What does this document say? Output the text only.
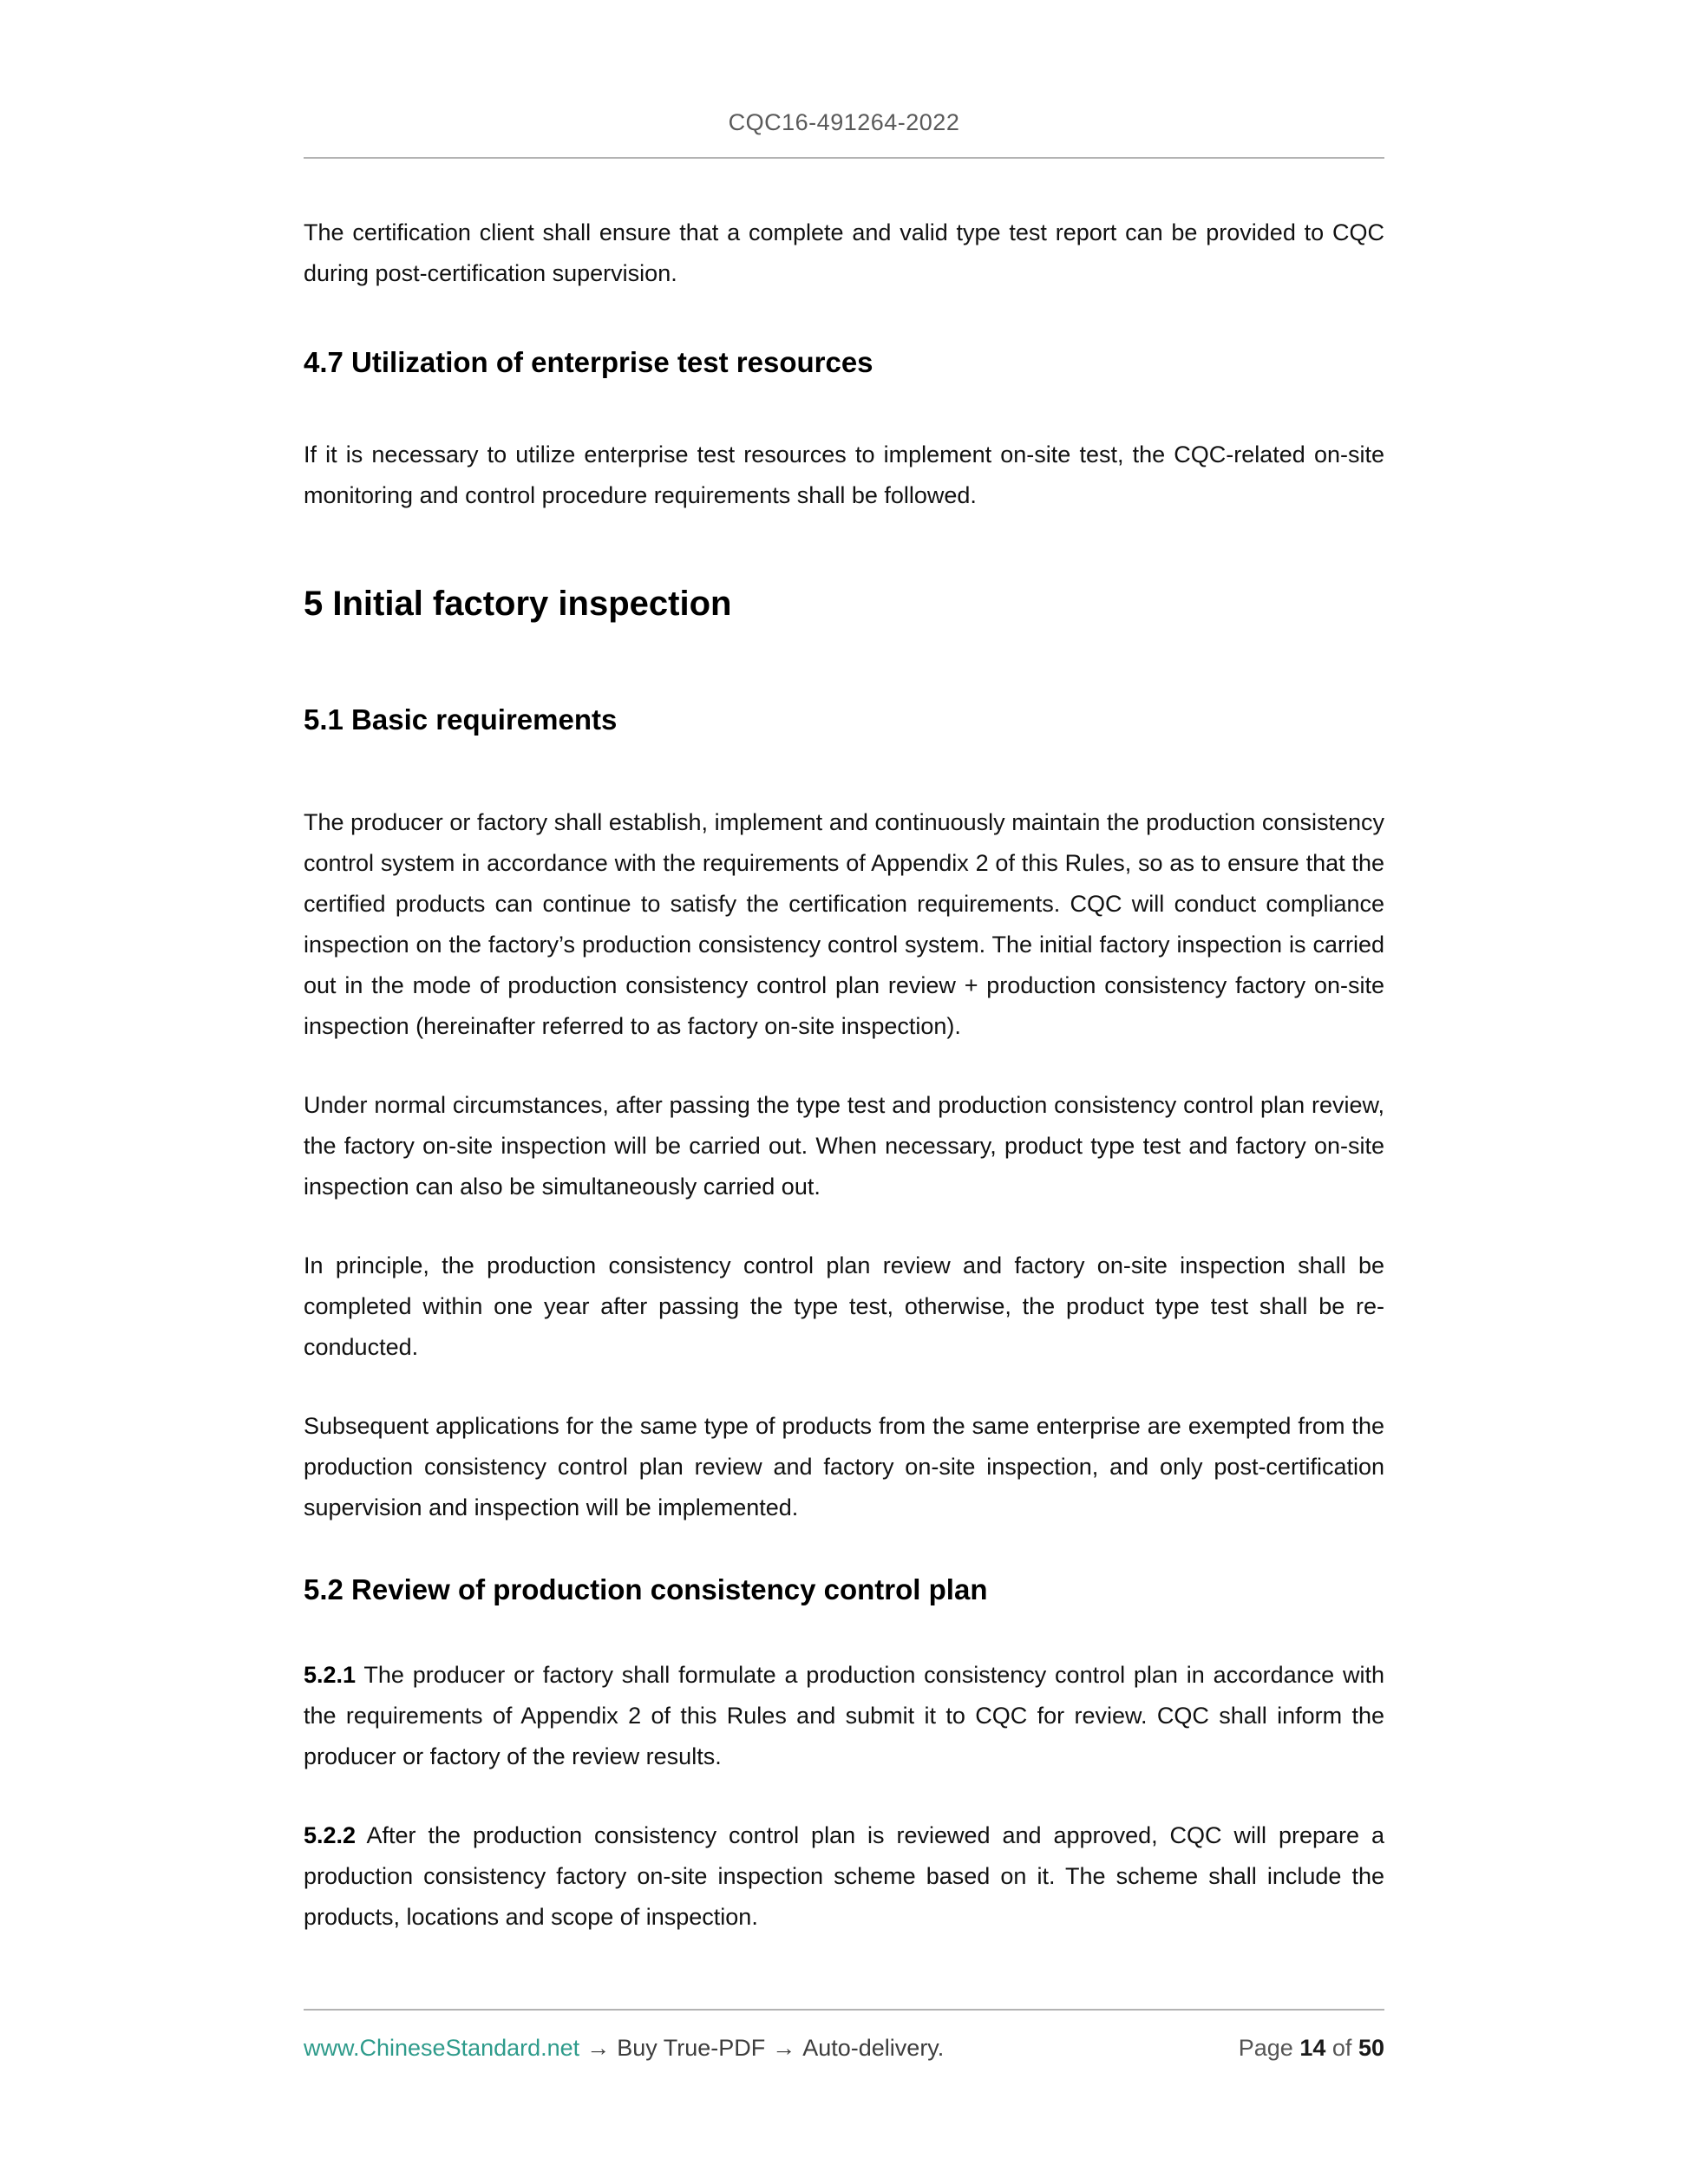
CQC16-491264-2022

The certification client shall ensure that a complete and valid type test report can be provided to CQC during post-certification supervision.

4.7 Utilization of enterprise test resources

If it is necessary to utilize enterprise test resources to implement on-site test, the CQC-related on-site monitoring and control procedure requirements shall be followed.

5 Initial factory inspection
5.1 Basic requirements

The producer or factory shall establish, implement and continuously maintain the production consistency control system in accordance with the requirements of Appendix 2 of this Rules, so as to ensure that the certified products can continue to satisfy the certification requirements. CQC will conduct compliance inspection on the factory’s production consistency control system. The initial factory inspection is carried out in the mode of production consistency control plan review + production consistency factory on-site inspection (hereinafter referred to as factory on-site inspection).

Under normal circumstances, after passing the type test and production consistency control plan review, the factory on-site inspection will be carried out. When necessary, product type test and factory on-site inspection can also be simultaneously carried out.

In principle, the production consistency control plan review and factory on-site inspection shall be completed within one year after passing the type test, otherwise, the product type test shall be re-conducted.

Subsequent applications for the same type of products from the same enterprise are exempted from the production consistency control plan review and factory on-site inspection, and only post-certification supervision and inspection will be implemented.

5.2 Review of production consistency control plan

5.2.1 The producer or factory shall formulate a production consistency control plan in accordance with the requirements of Appendix 2 of this Rules and submit it to CQC for review. CQC shall inform the producer or factory of the review results.

5.2.2 After the production consistency control plan is reviewed and approved, CQC will prepare a production consistency factory on-site inspection scheme based on it. The scheme shall include the products, locations and scope of inspection.

www.ChineseStandard.net → Buy True-PDF → Auto-delivery.	Page 14 of 50
